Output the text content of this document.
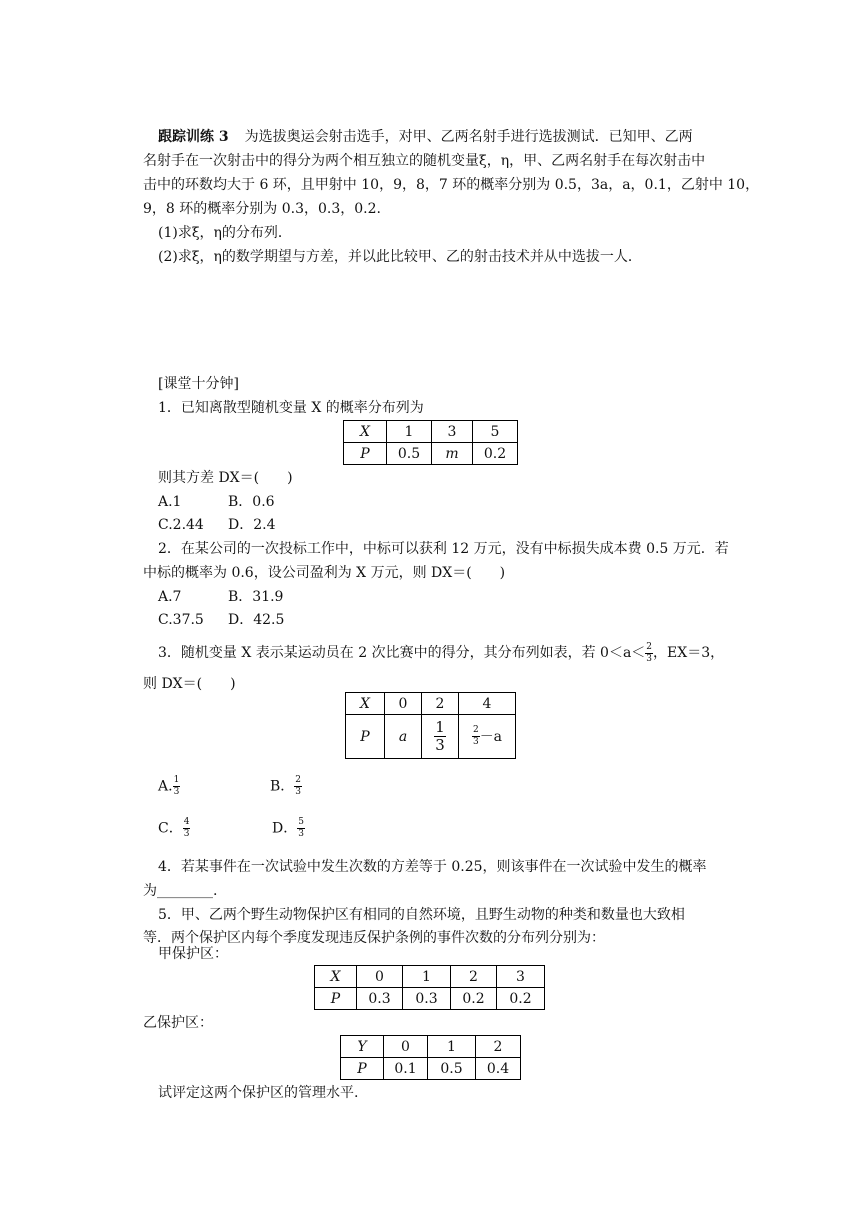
跟踪训练 3 为选拔奥运会射击选手，对甲、乙两名射手进行选拔测试．已知甲、乙两
名射手在一次射击中的得分为两个相互独立的随机变量ξ，η，甲、乙两名射手在每次射击中
击中的环数均大于 6 环，且甲射中 10，9，8，7 环的概率分别为 0.5，3a，a，0.1，乙射中 10，
9，8 环的概率分别为 0.3，0.3，0.2.
(1)求ξ，η的分布列．
(2)求ξ，η的数学期望与方差，并以此比较甲、乙的射击技术并从中选拔一人．
[课堂十分钟]
1．已知离散型随机变量 X 的概率分布列为
X	1	3	5
P	0.5	m	0.2
则其方差 DX＝(　　)
A.1	B．0.6
C.2.44 D．2.4
2．在某公司的一次投标工作中，中标可以获利 12 万元，没有中标损失成本费 0.5 万元．若
中标的概率为 0.6，设公司盈利为 X 万元，则 DX＝(　　)
A.7	B．31.9
C.37.5 D．42.5
3．随机变量 X 表示某运动员在 2 次比赛中的得分，其分布列如表，若 $0<a< \frac{2}{3}$ ，EX＝3，
则 DX＝(　　)
X	0	2	4
P	a	$\frac{1}{3}$	$\frac{2}{3} -a$
A. $\frac{1}{3}$	B． $\frac{2}{3}$
C． $\frac{4}{3}$	D． $\frac{5}{3}$
4．若某事件在一次试验中发生次数的方差等于 0.25，则该事件在一次试验中发生的概率
为________.
5．甲、乙两个野生动物保护区有相同的自然环境，且野生动物的种类和数量也大致相
等．两个保护区内每个季度发现违反保护条例的事件次数的分布列分别为：
甲保护区：
X	0	1	2	3
P	0.3	0.3	0.2	0.2
乙保护区：
Y	0	1	2
P	0.1	0.5	0.4
试评定这两个保护区的管理水平.
